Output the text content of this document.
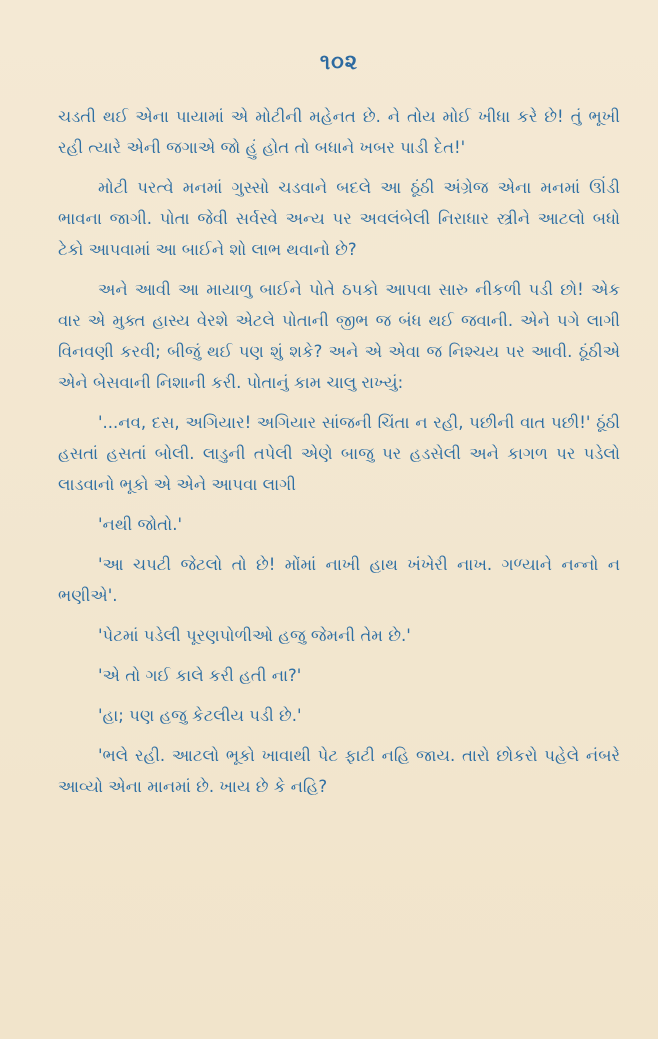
૧૦૨

ચડતી થઈ એના પાયામાં એ મોટીની મહેનત છે. ને તોય મોઈ ખીધા કરે છે! તું ભૂખી રહી ત્યારે એની જગાએ જો હું હોત તો બધાને ખબર પાડી દેત!'

મોટી પરત્વે મનમાં ગુસ્સો ચડવાને બદલે આ ઠૂંઠી અંગ્રેજ એના મનમાં ઊંડી ભાવના જાગી. પોતા જેવી સર્વસ્વે અન્ય પર અવલંબેલી નિરાધાર સ્ત્રીને આટલો બધો ટેકો આપવામાં આ બાઈને શો લાભ થવાનો છે?

અને આવી આ માયાળુ બાઈને પોતે ઠપકો આપવા સારુ નીકળી પડી છો! એક વાર એ મુક્ત હાસ્ય વેરશે એટલે પોતાની જીભ જ બંધ થઈ જવાની. એને પગે લાગી વિનવણી કરવી; બીજું થઈ પણ શું શકે? અને એ એવા જ નિશ્ચય પર આવી. ઠૂંઠીએ એને બેસવાની નિશાની કરી. પોતાનું કામ ચાલુ રાખ્યું:

'...નવ, દસ, અગિયાર! અગિયાર સાંજની ચિંતા ન રહી, પછીની વાત પછી!' ઠૂંઠી હસતાં હસતાં બોલી. લાડુની તપેલી એણે બાજુ પર હડસેલી અને કાગળ પર પડેલો લાડવાનો ભૂકો એ એને આપવા લાગી

'નથી જોતો.'

'આ ચપટી જેટલો તો છે! મોંમાં નાખી હાથ ખંખેરી નાખ. ગળ્યાને નન્નો ન ભણીએ'.

'પેટમાં પડેલી પૂરણપોળીઓ હજુ જેમની તેમ છે.'

'એ તો ગઈ કાલે કરી હતી ના?'

'હા; પણ હજુ કેટલીય પડી છે.'

'ભલે રહી. આટલો ભૂકો ખાવાથી પેટ ફાટી નહિ જાય. તારો છોકરો પહેલે નંબરે આવ્યો એના માનમાં છે. ખાય છે કે નહિ?
